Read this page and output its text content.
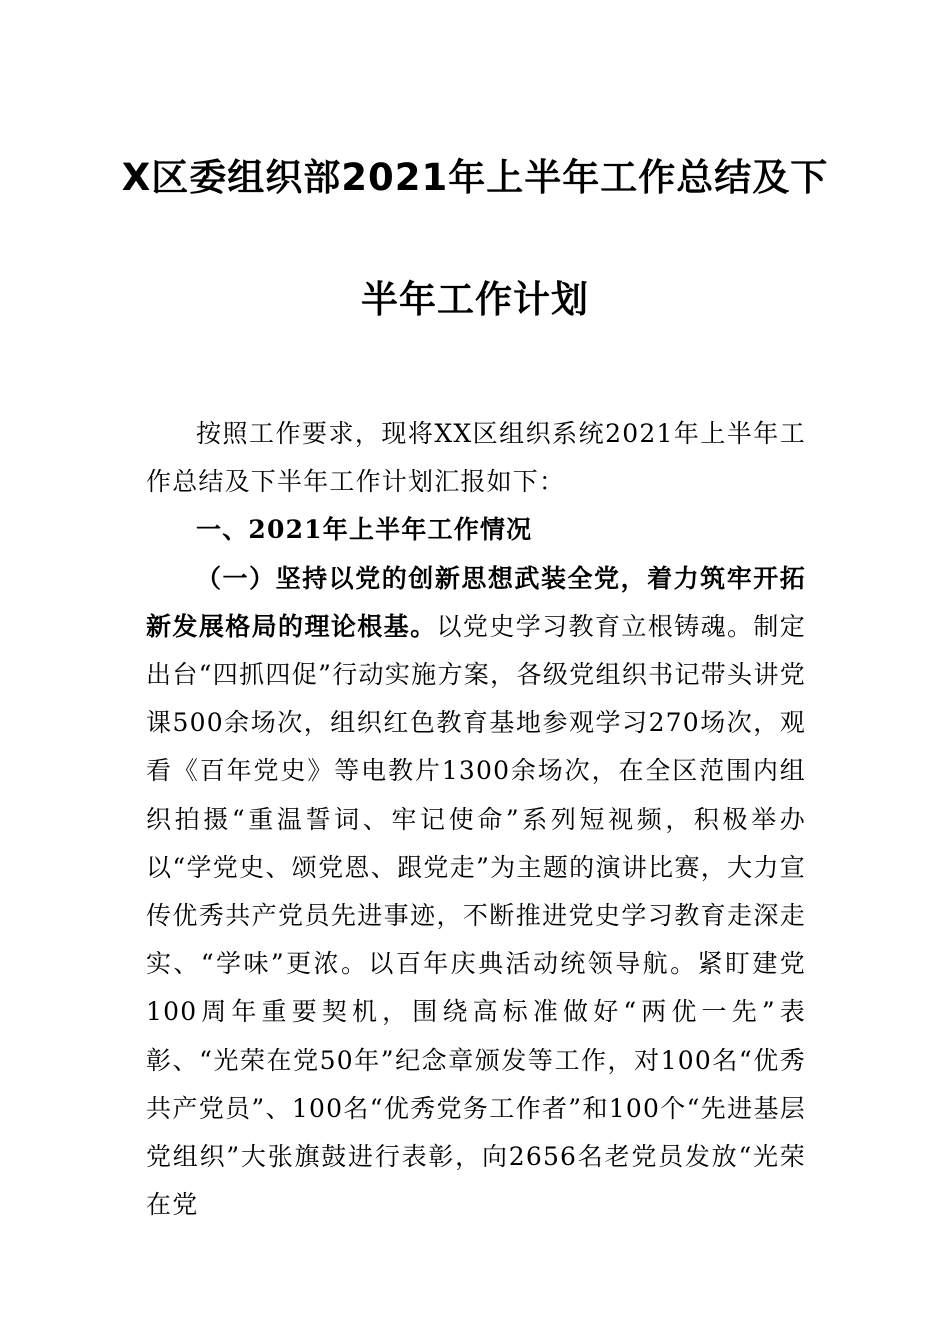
X区委组织部2021年上半年工作总结及下
半年工作计划

按照工作要求，现将XX区组织系统2021年上半年工作总结及下半年工作计划汇报如下：

一、2021年上半年工作情况

（一）坚持以党的创新思想武装全党，着力筑牢开拓新发展格局的理论根基。以党史学习教育立根铸魂。制定出台“四抓四促”行动实施方案，各级党组织书记带头讲党课500余场次，组织红色教育基地参观学习270场次，观看《百年党史》等电教片1300余场次，在全区范围内组织拍摄“重温誓词、牢记使命”系列短视频，积极举办以“学党史、颂党恩、跟党走”为主题的演讲比赛，大力宣传优秀共产党员先进事迹，不断推进党史学习教育走深走实、“学味”更浓。以百年庆典活动统领导航。紧盯建党100周年重要契机，围绕高标准做好“两优一先”表彰、“光荣在党50年”纪念章颁发等工作，对100名“优秀共产党员”、100名“优秀党务工作者”和100个“先进基层党组织”大张旗鼓进行表彰，向2656名老党员发放“光荣在党
